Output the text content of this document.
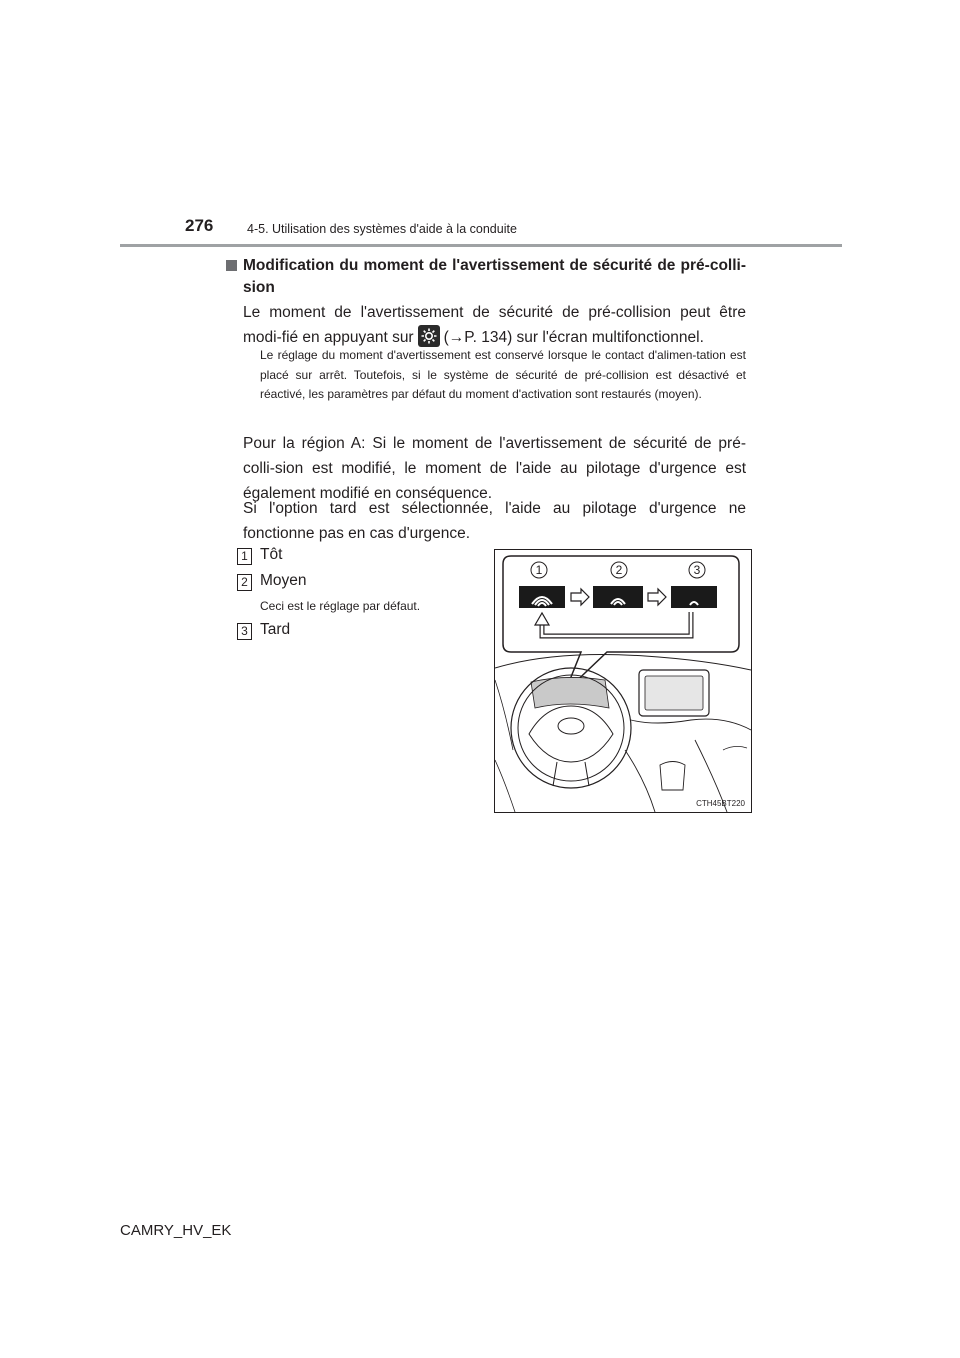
276	4-5. Utilisation des systèmes d'aide à la conduite
Modification du moment de l'avertissement de sécurité de pré-colli-
sion
Le moment de l'avertissement de sécurité de pré-collision peut être modi-fié en appuyant sur (→P. 134) sur l'écran multifonctionnel.
Le réglage du moment d'avertissement est conservé lorsque le contact d'alimen-tation est placé sur arrêt. Toutefois, si le système de sécurité de pré-collision est désactivé et réactivé, les paramètres par défaut du moment d'activation sont restaurés (moyen).
Pour la région A: Si le moment de l'avertissement de sécurité de pré-colli-sion est modifié, le moment de l'aide au pilotage d'urgence est également modifié en conséquence.
Si l'option tard est sélectionnée, l'aide au pilotage d'urgence ne fonctionne pas en cas d'urgence.
1 Tôt
2 Moyen
Ceci est le réglage par défaut.
3 Tard
1	2	3
CTH45BT220
CAMRY_HV_EK
